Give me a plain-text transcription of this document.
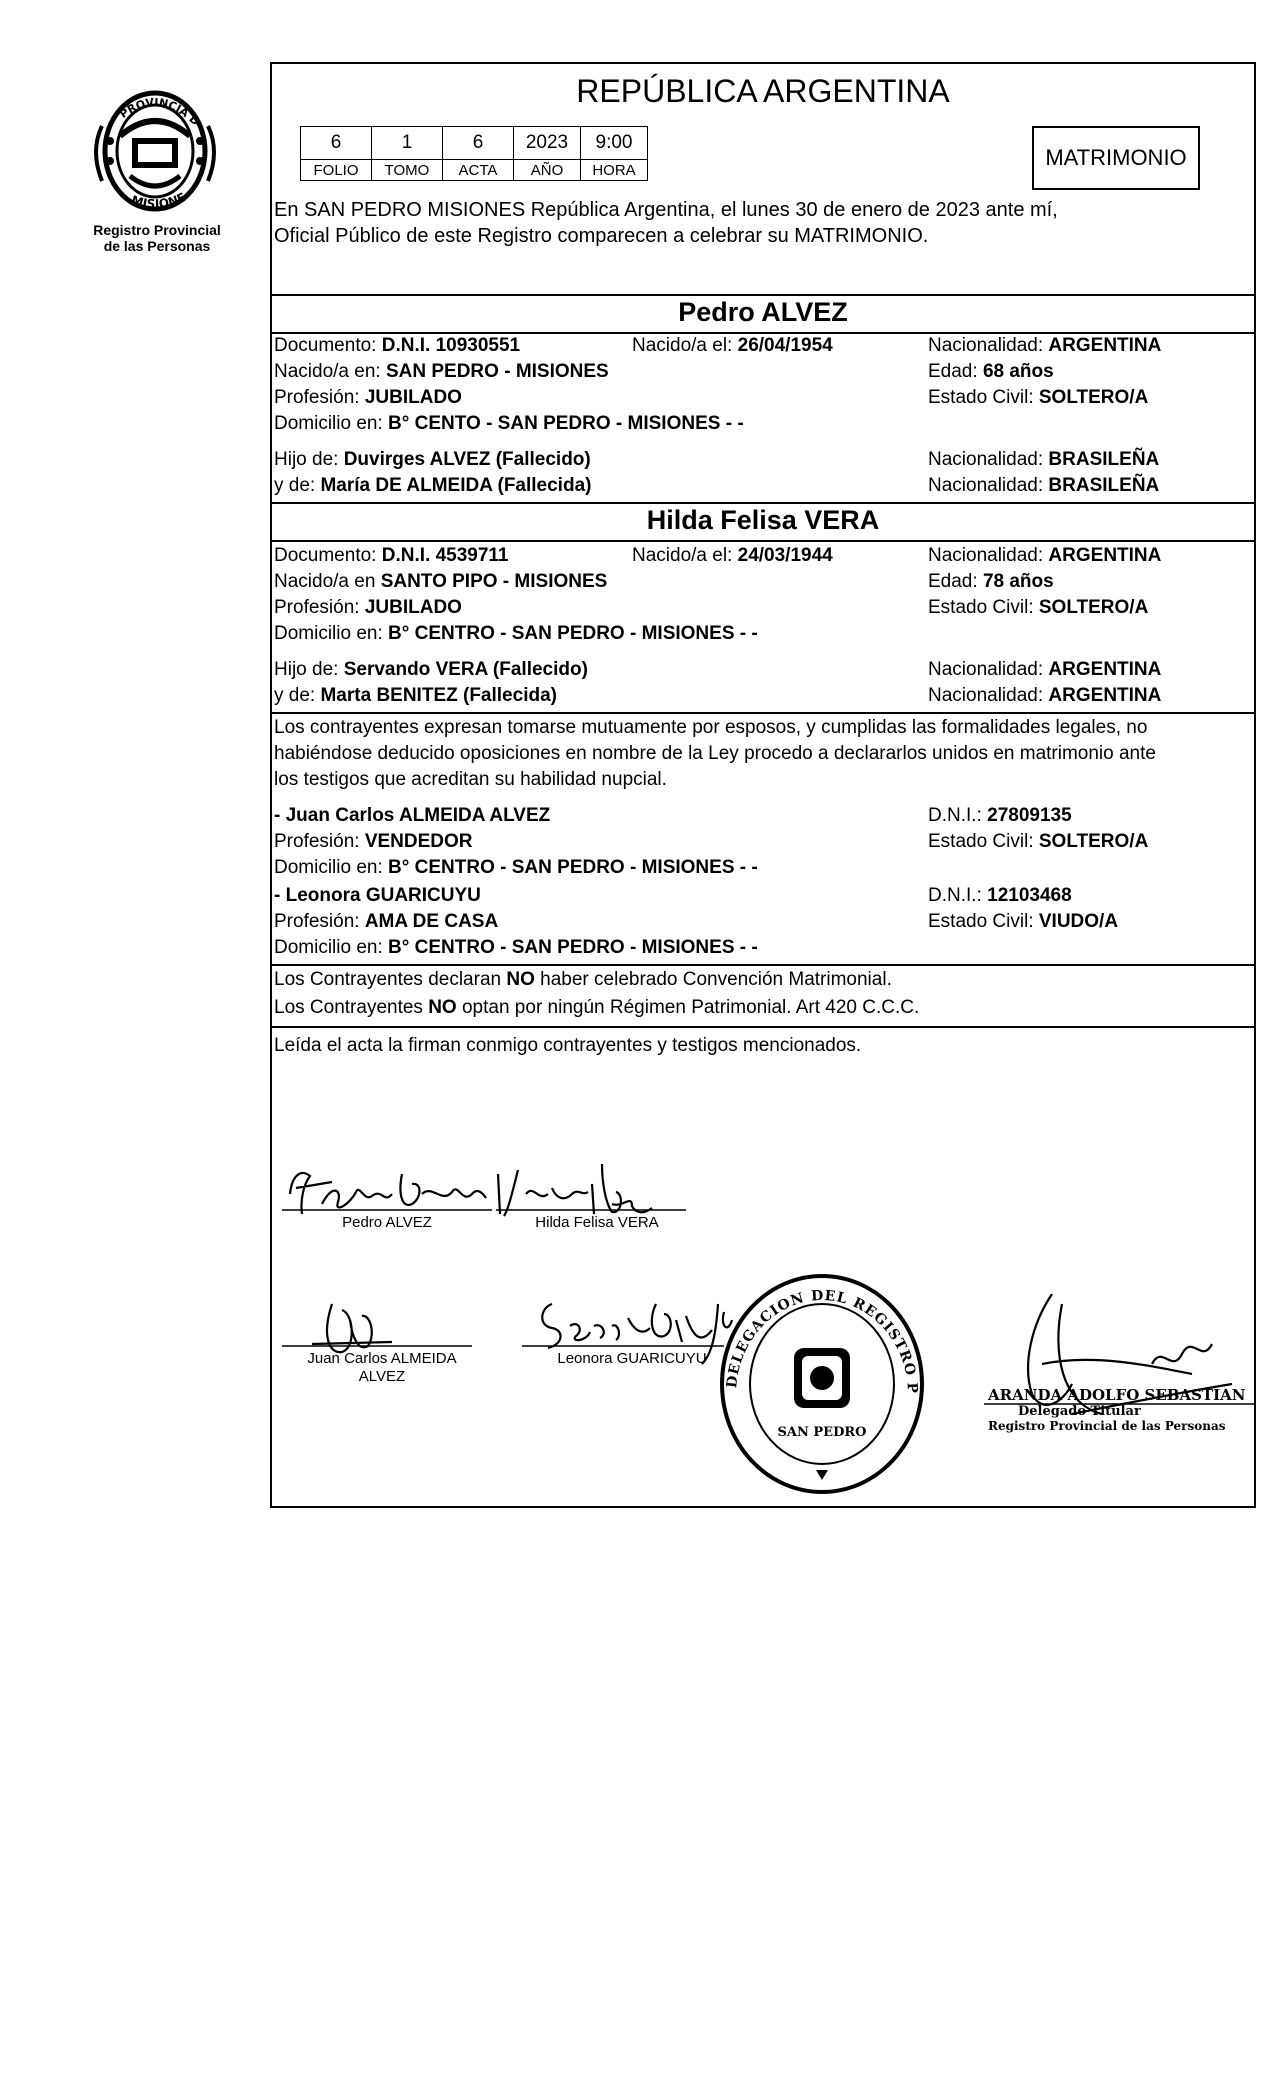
PROVINCIA D
MISIONE
Registro Provincial
de las Personas
REPÚBLICA ARGENTINA
6	1	6	2023	9:00
FOLIO	TOMO	ACTA	AÑO	HORA	MATRIMONIO
En SAN PEDRO MISIONES República Argentina, el lunes 30 de enero de 2023 ante mí,
Oficial Público de este Registro comparecen a celebrar su MATRIMONIO.
Pedro ALVEZ
Documento: D.N.I. 10930551	Nacido/a el: 26/04/1954	Nacionalidad: ARGENTINA
Nacido/a en: SAN PEDRO - MISIONES	Edad: 68 años
Profesión: JUBILADO	Estado Civil: SOLTERO/A
Domicilio en: B° CENTO - SAN PEDRO - MISIONES - -
Hijo de: Duvirges ALVEZ (Fallecido)	Nacionalidad: BRASILEÑA
y de: María DE ALMEIDA (Fallecida)	Nacionalidad: BRASILEÑA
Hilda Felisa VERA
Documento: D.N.I. 4539711	Nacido/a el: 24/03/1944	Nacionalidad: ARGENTINA
Nacido/a en SANTO PIPO - MISIONES	Edad: 78 años
Profesión: JUBILADO	Estado Civil: SOLTERO/A
Domicilio en: B° CENTRO - SAN PEDRO - MISIONES - -
Hijo de: Servando VERA (Fallecido)	Nacionalidad: ARGENTINA
y de: Marta BENITEZ (Fallecida)	Nacionalidad: ARGENTINA
Los contrayentes expresan tomarse mutuamente por esposos, y cumplidas las formalidades legales, no
habiéndose deducido oposiciones en nombre de la Ley procedo a declararlos unidos en matrimonio ante
los testigos que acreditan su habilidad nupcial.
- Juan Carlos ALMEIDA ALVEZ	D.N.I.: 27809135
Profesión: VENDEDOR	Estado Civil: SOLTERO/A
Domicilio en: B° CENTRO - SAN PEDRO - MISIONES - -
- Leonora GUARICUYU	D.N.I.: 12103468
Profesión: AMA DE CASA	Estado Civil: VIUDO/A
Domicilio en: B° CENTRO - SAN PEDRO - MISIONES - -
Los Contrayentes declaran NO haber celebrado Convención Matrimonial.
Los Contrayentes NO optan por ningún Régimen Patrimonial. Art 420 C.C.C.
Leída el acta la firman conmigo contrayentes y testigos mencionados.
DELEGACION DEL REGISTRO P
SAN PEDRO
Pedro ALVEZ	Hilda Felisa VERA
Juan Carlos ALMEIDA
ALVEZ
Leonora GUARICUYU
ARANDA ADOLFO SEBASTIAN
Delegado Titular
Registro Provincial de las Personas
